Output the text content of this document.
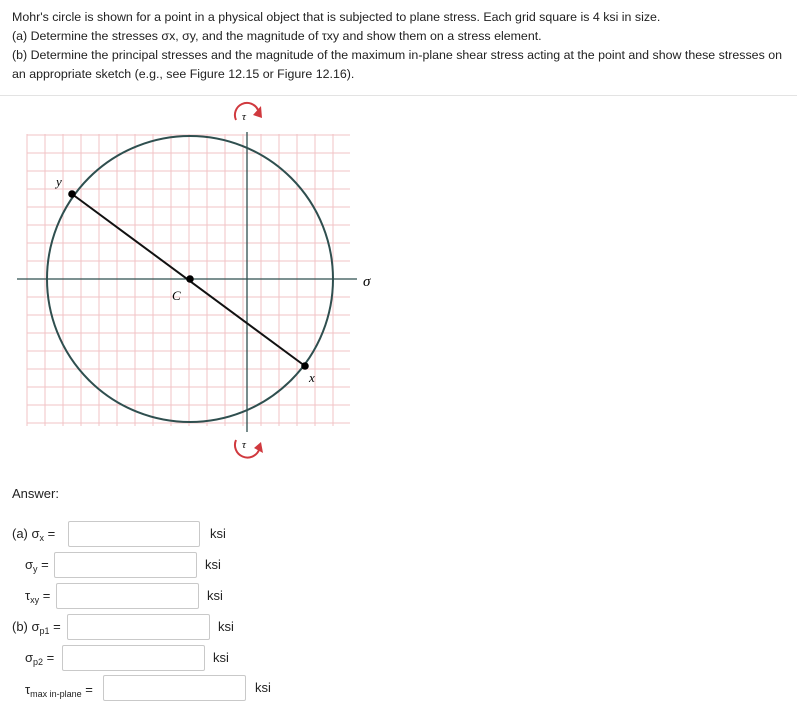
Mohr's circle is shown for a point in a physical object that is subjected to plane stress. Each grid square is 4 ksi in size.

(a) Determine the stresses σx, σy, and the magnitude of τxy and show them on a stress element.

(b) Determine the principal stresses and the magnitude of the maximum in-plane shear stress acting at the point and show these stresses on an appropriate sketch (e.g., see Figure 12.15 or Figure 12.16).

C
y
x
σ
τ
τ
Answer:
(a) $\sigma_x$ =	ksi
$\sigma_y$ =	ksi
$\tau_{xy}$ =	ksi
(b) $\sigma_{p1}$ =	ksi
$\sigma_{p2}$ =	ksi
$\tau_{max in-plane}$ =	ksi
